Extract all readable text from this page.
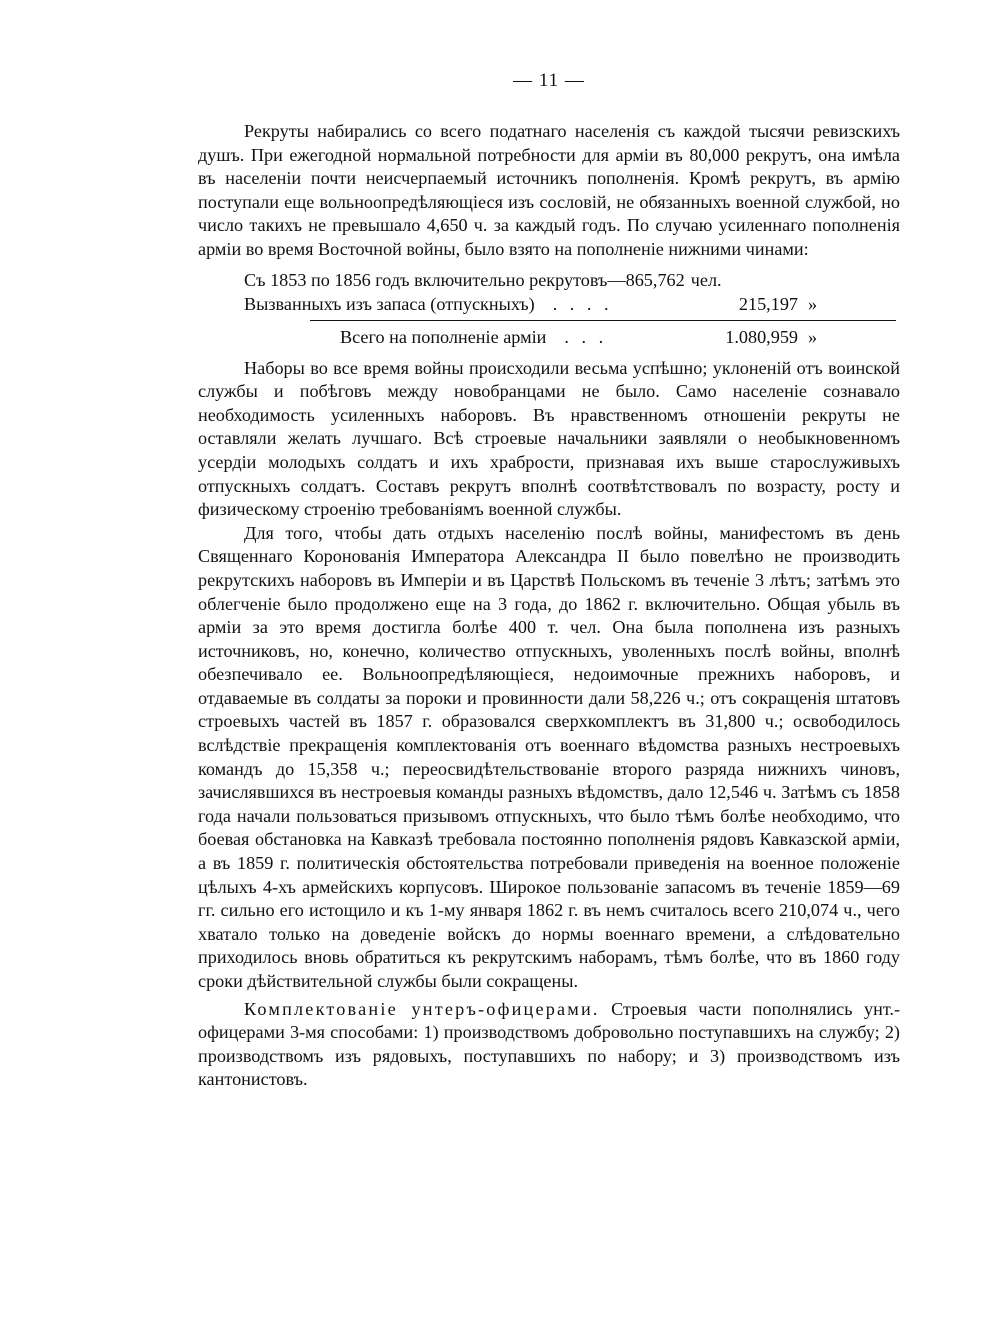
— 11 —

Рекруты набирались со всего податнаго населенія съ каждой тысячи ревизскихъ душъ. При ежегодной нормальной потребности для арміи въ 80,000 рекрутъ, она имѣла въ населеніи почти неисчерпаемый источникъ пополненія. Кромѣ рекрутъ, въ армію поступали еще вольноопредѣляющіеся изъ сословій, не обязанныхъ военной службой, но число такихъ не превышало 4,650 ч. за каждый годъ. По случаю усиленнаго пополненія арміи во время Восточной войны, было взято на пополненіе нижними чинами:

Съ 1853 по 1856 годъ включительно рекрутовъ— 865,762 чел.
Вызванныхъ изъ запаса (отпускныхъ) . . . .	215,197 »
Всего на пополненіе арміи . . .	1.080,959 »

Наборы во все время войны происходили весьма успѣшно; уклоненій отъ воинской службы и побѣговъ между новобранцами не было. Само населеніе сознавало необходимость усиленныхъ наборовъ. Въ нравственномъ отношеніи рекруты не оставляли желать лучшаго. Всѣ строевые начальники заявляли о необыкновенномъ усердіи молодыхъ солдатъ и ихъ храбрости, признавая ихъ выше старослуживыхъ отпускныхъ солдатъ. Составъ рекрутъ вполнѣ соотвѣтствовалъ по возрасту, росту и физическому строенію требованіямъ военной службы.

Для того, чтобы дать отдыхъ населенію послѣ войны, манифестомъ въ день Священнаго Коронованія Императора Александра II было повелѣно не производить рекрутскихъ наборовъ въ Имперіи и въ Царствѣ Польскомъ въ теченіе 3 лѣтъ; затѣмъ это облегченіе было продолжено еще на 3 года, до 1862 г. включительно. Общая убыль въ арміи за это время достигла болѣе 400 т. чел. Она была пополнена изъ разныхъ источниковъ, но, конечно, количество отпускныхъ, уволенныхъ послѣ войны, вполнѣ обезпечивало ее. Вольноопредѣляющіеся, недоимочные прежнихъ наборовъ, и отдаваемые въ солдаты за пороки и провинности дали 58,226 ч.; отъ сокращенія штатовъ строевыхъ частей въ 1857 г. образовался сверхкомплектъ въ 31,800 ч.; освободилось вслѣдствіе прекращенія комплектованія отъ военнаго вѣдомства разныхъ нестроевыхъ командъ до 15,358 ч.; переосвидѣтельствованіе второго разряда нижнихъ чиновъ, зачислявшихся въ нестроевыя команды разныхъ вѣдомствъ, дало 12,546 ч. Затѣмъ съ 1858 года начали пользоваться призывомъ отпускныхъ, что было тѣмъ болѣе необходимо, что боевая обстановка на Кавказѣ требовала постоянно пополненія рядовъ Кавказской арміи, а въ 1859 г. политическія обстоятельства потребовали приведенія на военное положеніе цѣлыхъ 4-хъ армейскихъ корпусовъ. Широкое пользованіе запасомъ въ теченіе 1859—69 гг. сильно его истощило и къ 1-му января 1862 г. въ немъ считалось всего 210,074 ч., чего хватало только на доведеніе войскъ до нормы военнаго времени, а слѣдовательно приходилось вновь обратиться къ рекрутскимъ наборамъ, тѣмъ болѣе, что въ 1860 году сроки дѣйствительной службы были сокращены.

Комплектованіе унтеръ-офицерами. Строевыя части пополнялись унт.-офицерами 3-мя способами: 1) производствомъ добровольно поступавшихъ на службу; 2) производствомъ изъ рядовыхъ, поступавшихъ по набору; и 3) производствомъ изъ кантонистовъ.
